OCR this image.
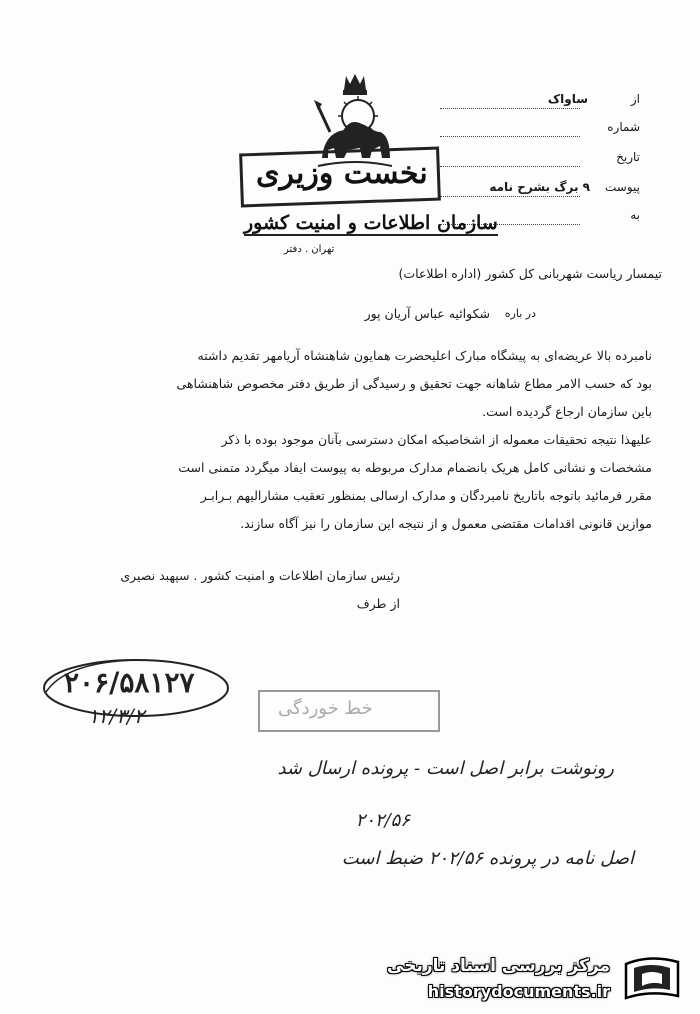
از
ساواک
شماره
تاریخ
پیوست
۹ برگ بشرح نامه
به
نخست وزیری
سازمان اطلاعات و امنیت کشور
تهران . دفتر
تیمسار ریاست شهربانی کل کشور (اداره اطلاعات)
در باره
شکوائیه عباس آریان پور
نامبرده بالا عریضه‌ای به پیشگاه مبارک اعلیحضرت همایون شاهنشاه آریامهر تقدیم داشته
بود که حسب الامر مطاع شاهانه جهت تحقیق و رسیدگی از طریق دفتر مخصوص شاهنشاهی
باین سازمان ارجاع گردیده است.
علیهذا نتیجه تحقیقات معموله از اشخاصیکه امکان دسترسی بآنان موجود بوده با ذکر
مشخصات و نشانی کامل هریک بانضمام مدارک مربوطه به پیوست ایفاد میگردد متمنی است
مقرر فرمائید باتوجه باتاریخ نامبردگان و مدارک ارسالی بمنظور تعقیب مشارالیهم بـرابـر
موازین قانونی اقدامات مقتضی معمول و از نتیجه این سازمان را نیز آگاه سازند.
رئیس سازمان اطلاعات و امنیت کشور . سپهبد نصیری
از طرف
۲۰۶/۵۸۱۲۷
۱۲/۳/۲	خط خوردگی
رونوشت برابر اصل است - پرونده ارسال شد
۲۰۲/۵۶
اصل نامه در پرونده ۲۰۲/۵۶ ضبط است
مرکز بررسی اسناد تاریخی
historydocuments.ir
